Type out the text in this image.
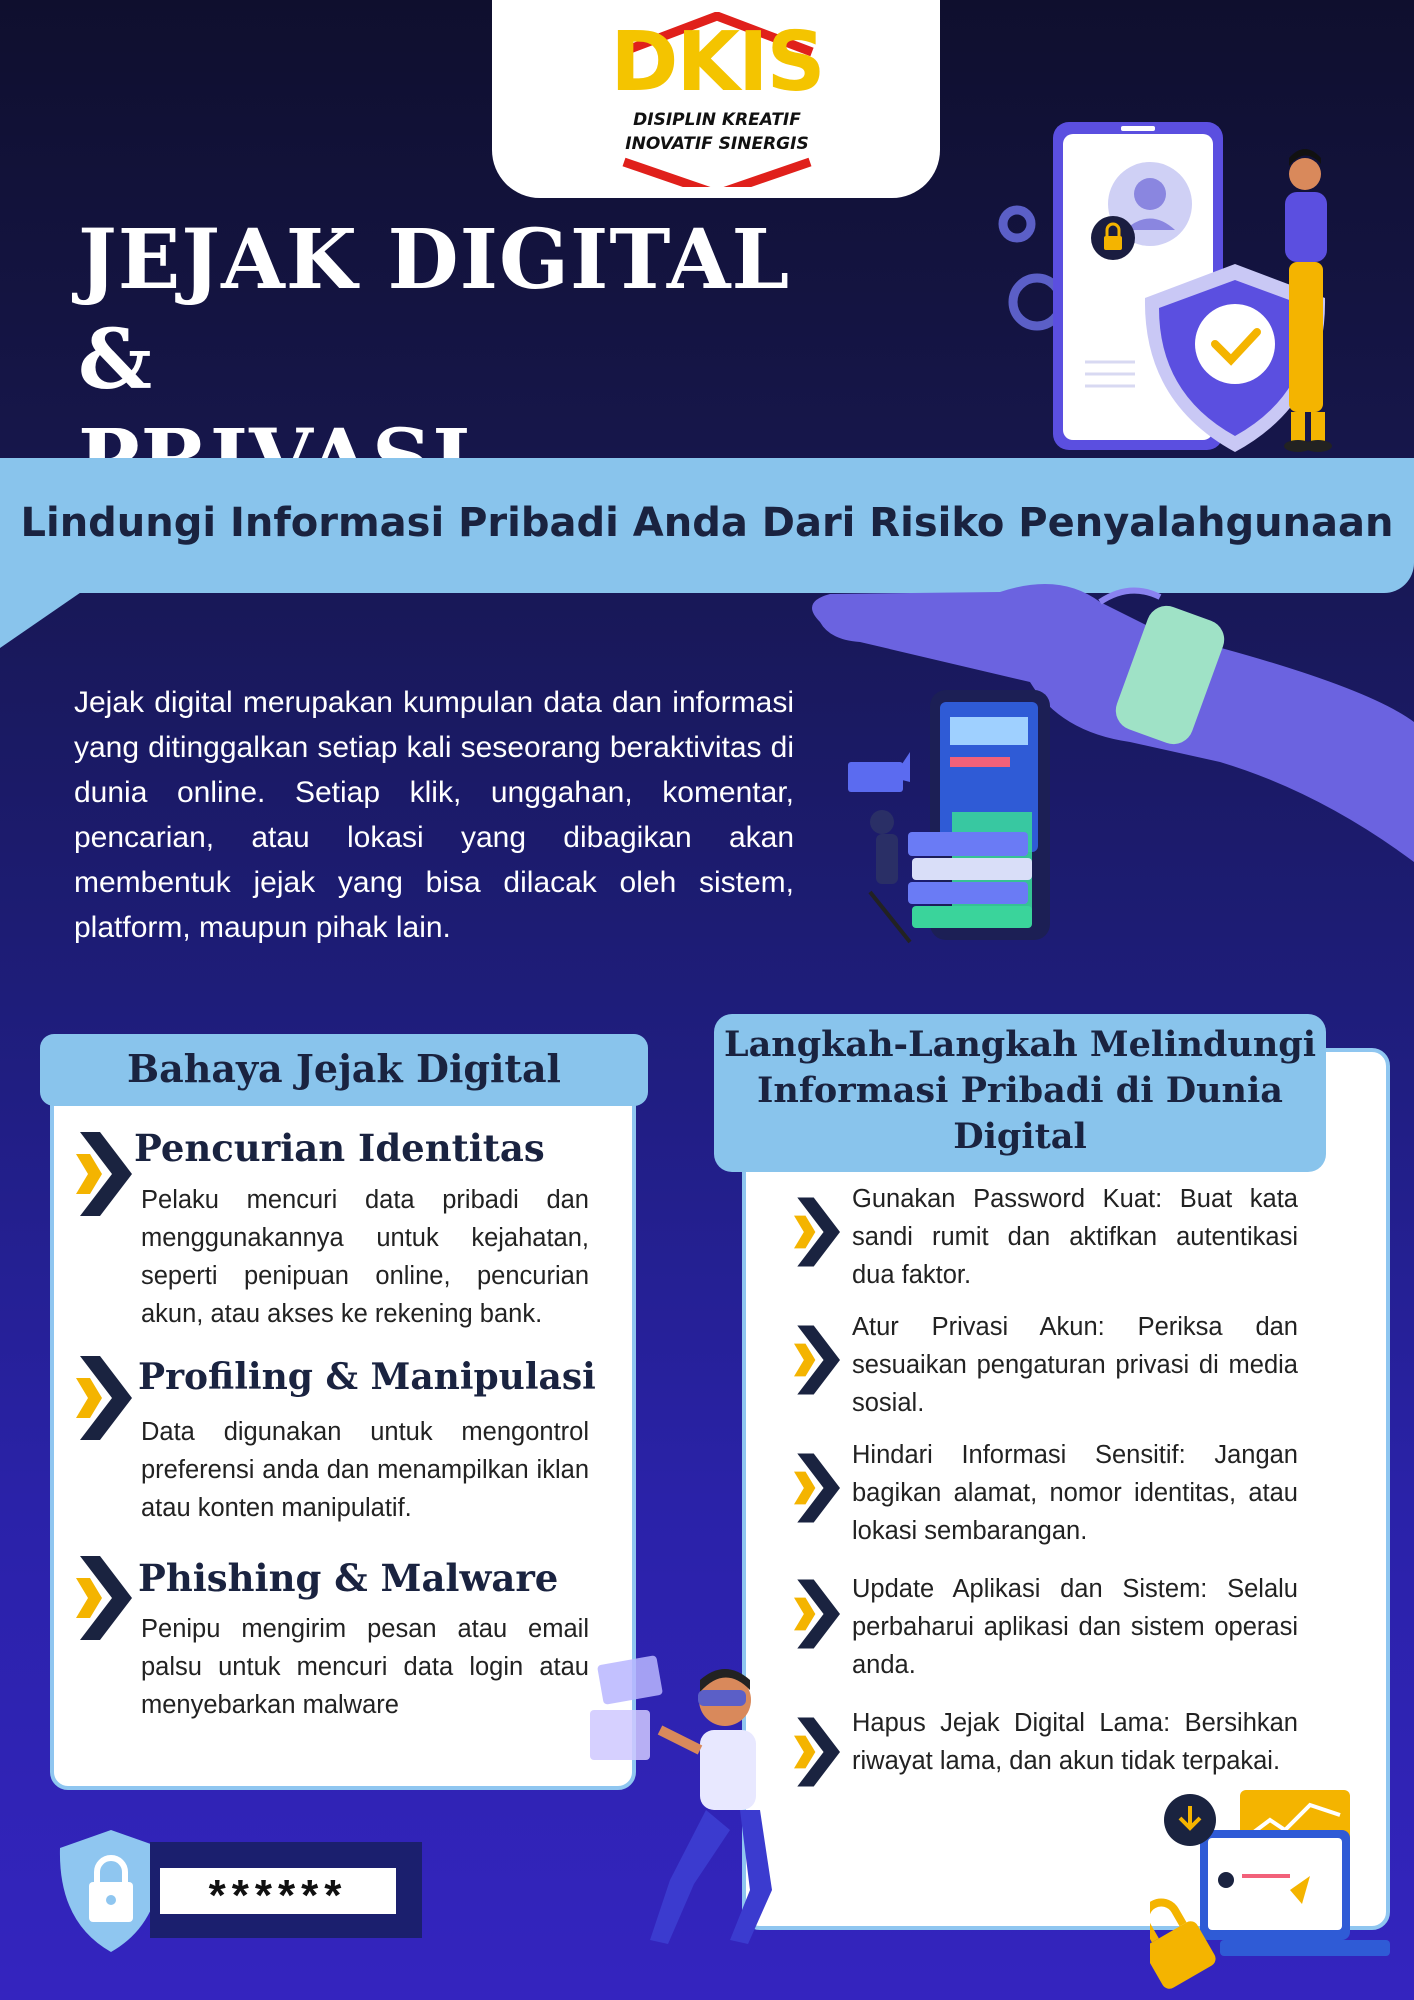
DKIS
DISIPLIN KREATIF
INOVATIF SINERGIS
JEJAK DIGITAL &
Lindungi Informasi Pribadi Anda Dari Risiko Penyalahgunaan
Jejak digital merupakan kumpulan data dan informasi yang ditinggalkan setiap kali seseorang beraktivitas di dunia online. Setiap klik, unggahan, komentar, pencarian, atau lokasi yang dibagikan akan membentuk jejak yang bisa dilacak oleh sistem, platform, maupun pihak lain.
Bahaya Jejak Digital
Pencurian Identitas
Pelaku mencuri data pribadi dan menggunakannya untuk kejahatan, seperti penipuan online, pencurian akun, atau akses ke rekening bank.
Profiling & Manipulasi
Data digunakan untuk mengontrol preferensi anda dan menampilkan iklan atau konten manipulatif.
Phishing & Malware
Penipu mengirim pesan atau email palsu untuk mencuri data login atau menyebarkan malware
Langkah-Langkah Melindungi
Informasi Pribadi di Dunia
Digital
Gunakan Password Kuat: Buat kata sandi rumit dan aktifkan autentikasi dua faktor.
Atur Privasi Akun: Periksa dan sesuaikan pengaturan privasi di media sosial.
Hindari Informasi Sensitif: Jangan bagikan alamat, nomor identitas, atau lokasi sembarangan.
Update Aplikasi dan Sistem: Selalu perbaharui aplikasi dan sistem operasi anda.
Hapus Jejak Digital Lama: Bersihkan riwayat lama, dan akun tidak terpakai.
******
